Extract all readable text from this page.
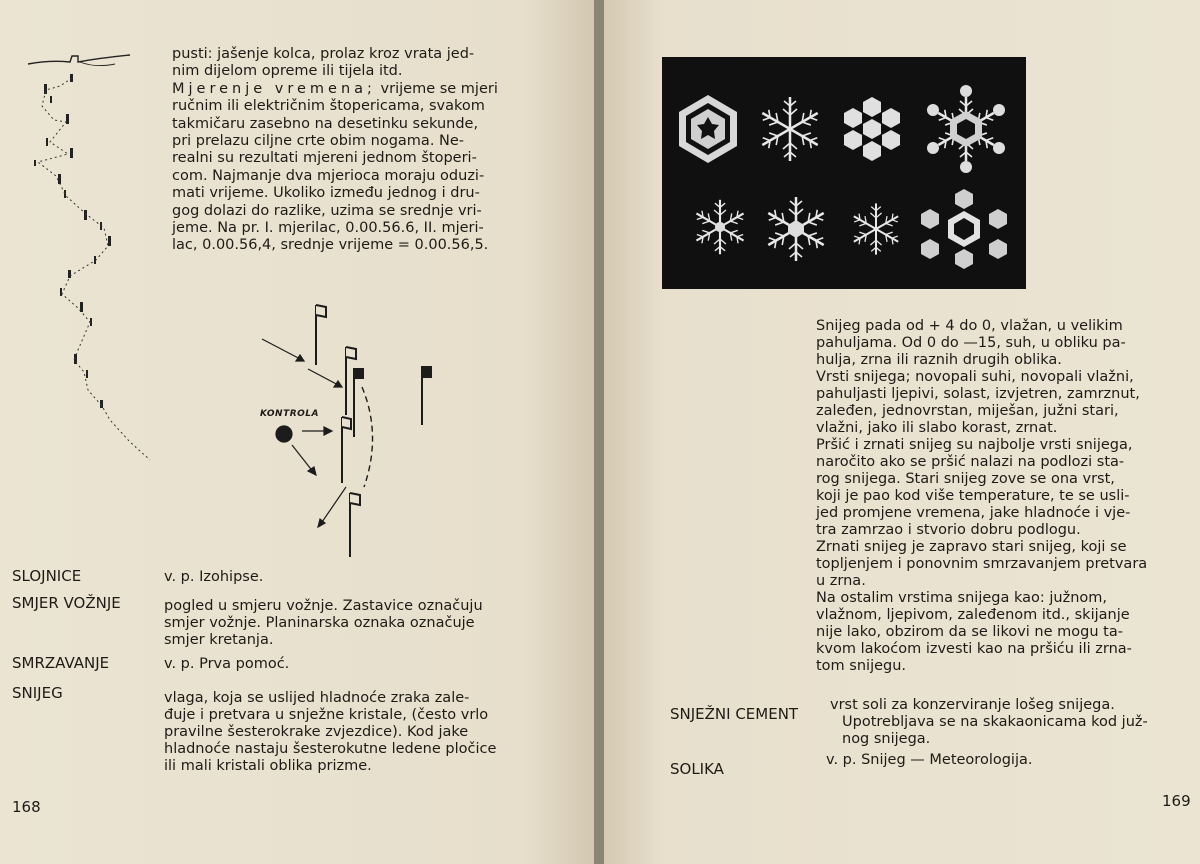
pusti: jašenje kolca, prolaz kroz vrata jed-

nim dijelom opreme ili tijela itd.

Mjerenje vremena; vrijeme se mjeri

ručnim ili električnim štopericama, svakom

takmičaru zasebno na desetinku sekunde,

pri prelazu ciljne crte obim nogama. Ne-

realni su rezultati mjereni jednom štoperi-

com. Najmanje dva mjerioca moraju oduzi-

mati vrijeme. Ukoliko između jednog i dru-

gog dolazi do razlike, uzima se srednje vri-

jeme. Na pr. I. mjerilac, 0.00.56.6, II. mjeri-

lac, 0.00.56,4, srednje vrijeme = 0.00.56,5.

KONTROLA
SLOJNICE	v. p. Izohipse.
SMJER VOŽNJE	pogled u smjeru vožnje. Zastavice označuju
smjer vožnje. Planinarska oznaka označuje
smjer kretanja.
SMRZAVANJE	v. p. Prva pomoć.
SNIJEG	vlaga, koja se uslijed hladnoće zraka zale-
đuje i pretvara u snježne kristale, (često vrlo
pravilne šesterokrake zvjezdice). Kod jake
hladnoće nastaju šesterokutne ledene pločice
ili mali kristali oblika prizme.
168

Snijeg pada od + 4 do 0, vlažan, u velikim

pahuljama. Od 0 do —15, suh, u obliku pa-

hulja, zrna ili raznih drugih oblika.

Vrsti snijega; novopali suhi, novopali vlažni,

pahuljasti ljepivi, solast, izvjetren, zamrznut,

zaleđen, jednovrstan, miješan, južni stari,

vlažni, jako ili slabo korast, zrnat.

Pršić i zrnati snijeg su najbolje vrsti snijega,

naročito ako se pršić nalazi na podlozi sta-

rog snijega. Stari snijeg zove se ona vrst,

koji je pao kod više temperature, te se usli-

jed promjene vremena, jake hladnoće i vje-

tra zamrzao i stvorio dobru podlogu.

Zrnati snijeg je zapravo stari snijeg, koji se

topljenjem i ponovnim smrzavanjem pretvara

u zrna.

Na ostalim vrstima snijega kao: južnom,

vlažnom, ljepivom, zaleđenom itd., skijanje

nije lako, obzirom da se likovi ne mogu ta-

kvom lakoćom izvesti kao na pršiću ili zrna-

tom snijegu.

SNJEŽNI CEMENT vrst soli za konzerviranje lošeg snijega.
Upotrebljava se na skakaonicama kod juž-
nog snijega.
SOLIKA	v. p. Snijeg — Meteorologija.
169
